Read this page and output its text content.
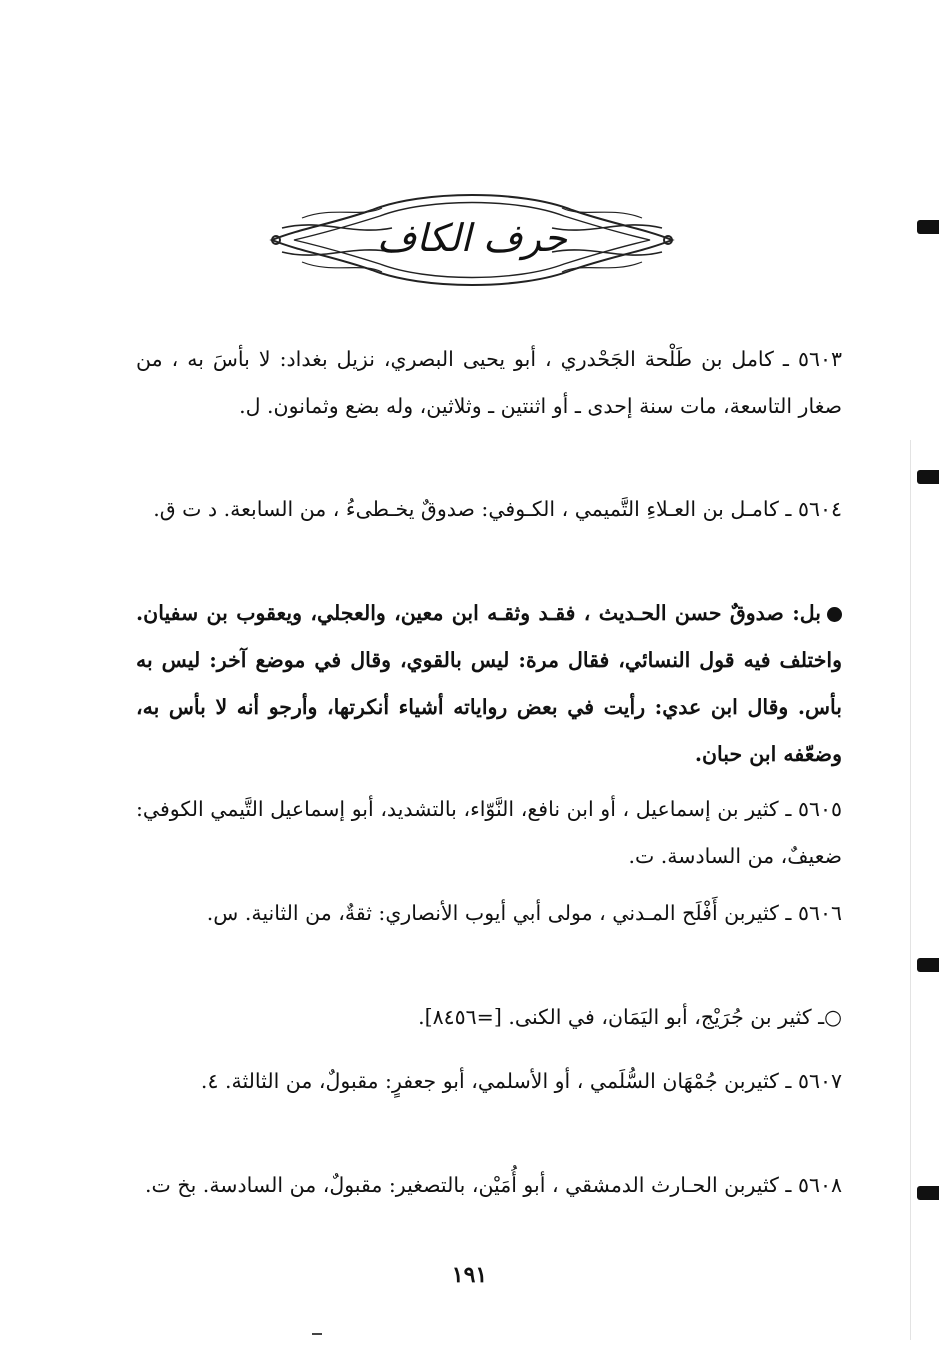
حرف الكاف
٥٦٠٣ ـ كامل بن طَلْحة الجَحْدري ، أبو يحيى البصري، نزيل بغداد: لا بأسَ به ، من صغار التاسعة، مات سنة إحدى ـ أو اثنتين ـ وثلاثين، وله بضع وثمانون. ل.
٥٦٠٤ ـ كامـل بن العـلاءِ التَّميمي ، الكـوفي: صدوقٌ يخـطىءُ ، من السابعة. د ت ق.
بل: صدوقٌ حسن الحـديث ، فقـد وثقـه ابن معين، والعجلي، ويعقوب بن سفيان. واختلف فيه قول النسائي، فقال مرة: ليس بالقوي، وقال في موضع آخر: ليس به بأس. وقال ابن عدي: رأيت في بعض رواياته أشياء أنكرتها، وأرجو أنه لا بأس به، وضعّفه ابن حبان.
٥٦٠٥ ـ كثير بن إسماعيل ، أو ابن نافع، النَّوّاء، بالتشديد، أبو إسماعيل التَّيمي الكوفي: ضعيفٌ، من السادسة. ت.
٥٦٠٦ ـ كثيربن أَفْلَح المـدني ، مولى أبي أيوب الأنصاري: ثقةٌ، من الثانية. س.
○ـ كثير بن جُرَيْج، أبو اليَمَان، في الكنى. [=٨٤٥٦].
٥٦٠٧ ـ كثيربن جُمْهَان السُّلَمي ، أو الأسلمي، أبو جعفرٍ: مقبولٌ، من الثالثة. ٤.
٥٦٠٨ ـ كثيربن الحـارث الدمشقي ، أبو أُمَيْن، بالتصغير: مقبولٌ، من السادسة. بخ ت.
١٩١
